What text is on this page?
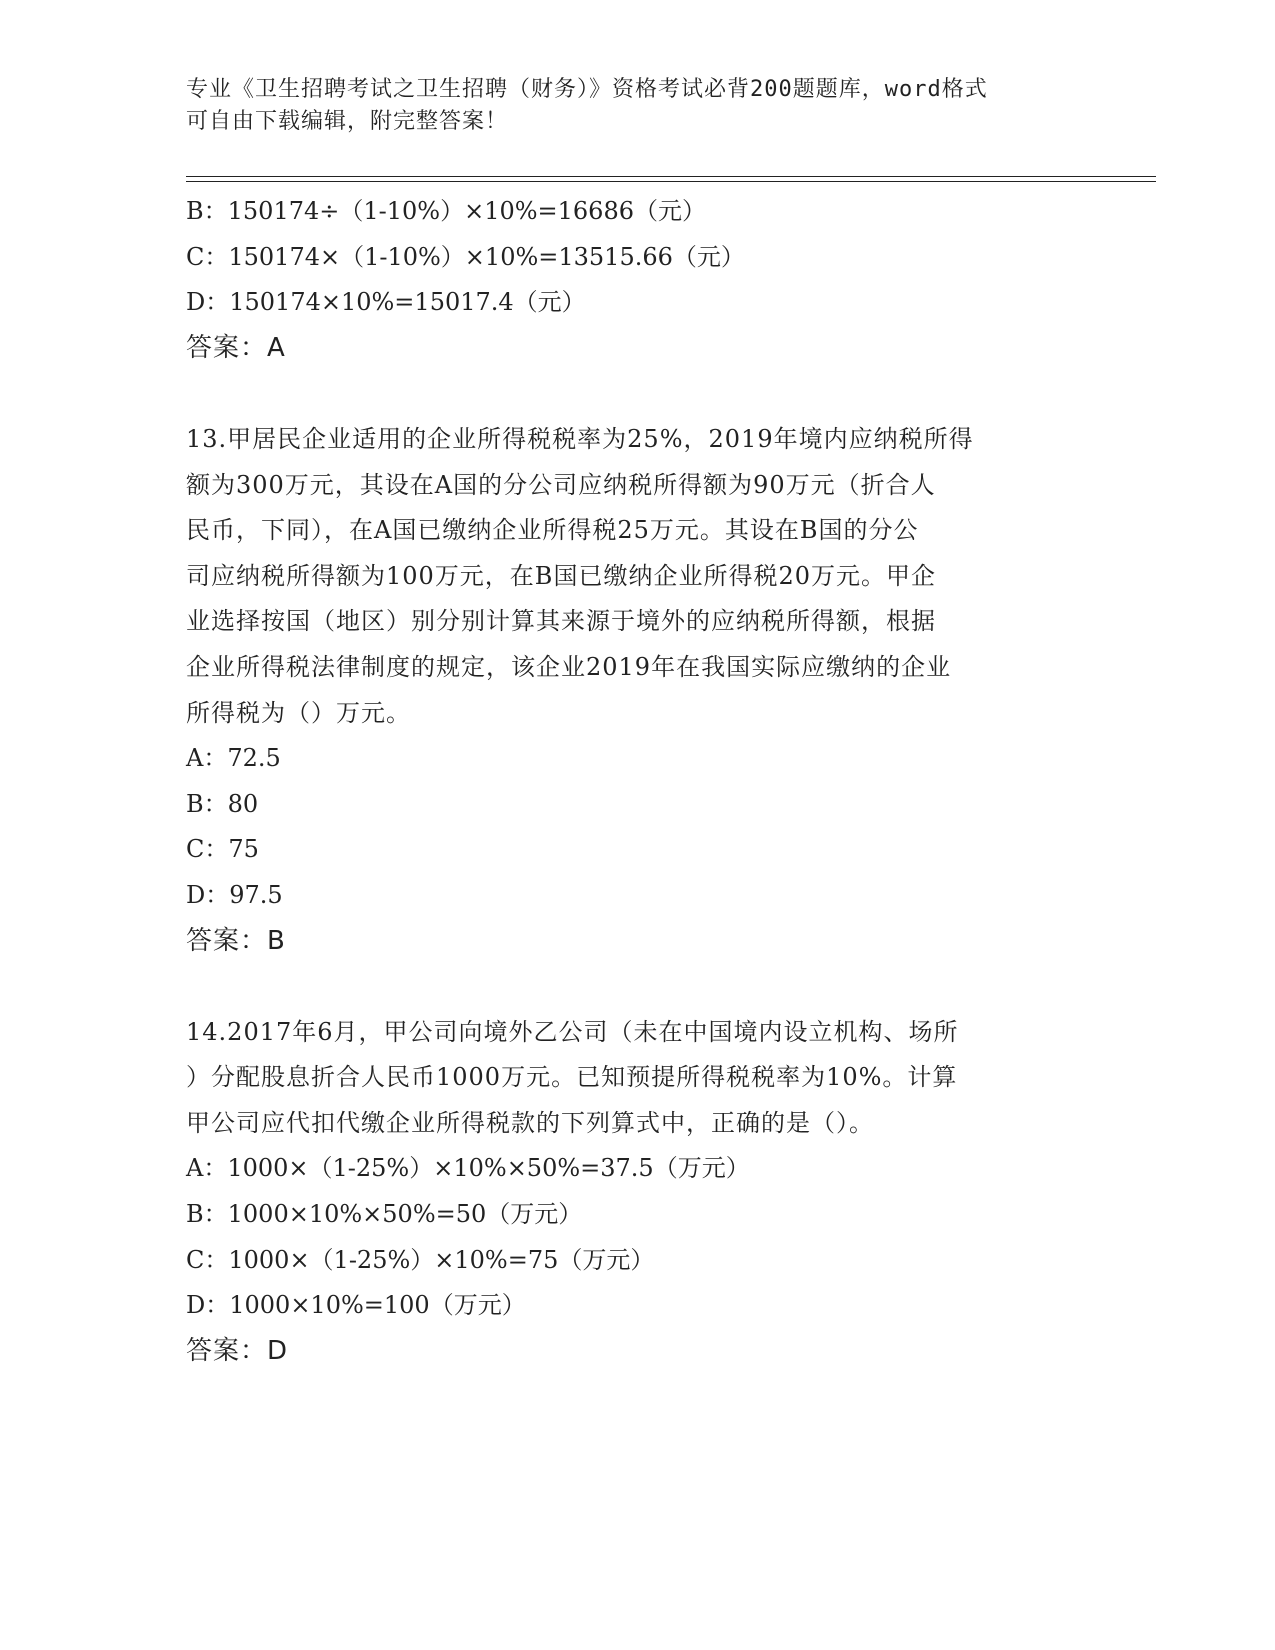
专业《卫生招聘考试之卫生招聘（财务）》资格考试必背200题题库，word格式
可自由下载编辑，附完整答案！
B：150174÷（1-10%）×10%=16686（元）
C：150174×（1-10%）×10%=13515.66（元）
D：150174×10%=15017.4（元）
答案：A
13.甲居民企业适用的企业所得税税率为25%，2019年境内应纳税所得
额为300万元，其设在A国的分公司应纳税所得额为90万元（折合人
民币，下同），在A国已缴纳企业所得税25万元。其设在B国的分公
司应纳税所得额为100万元，在B国已缴纳企业所得税20万元。甲企
业选择按国（地区）别分别计算其来源于境外的应纳税所得额，根据
企业所得税法律制度的规定，该企业2019年在我国实际应缴纳的企业
所得税为（）万元。
A：72.5
B：80
C：75
D：97.5
答案：B
14.2017年6月，甲公司向境外乙公司（未在中国境内设立机构、场所
）分配股息折合人民币1000万元。已知预提所得税税率为10%。计算
甲公司应代扣代缴企业所得税款的下列算式中，正确的是（）。
A：1000×（1-25%）×10%×50%=37.5（万元）
B：1000×10%×50%=50（万元）
C：1000×（1-25%）×10%=75（万元）
D：1000×10%=100（万元）
答案：D
